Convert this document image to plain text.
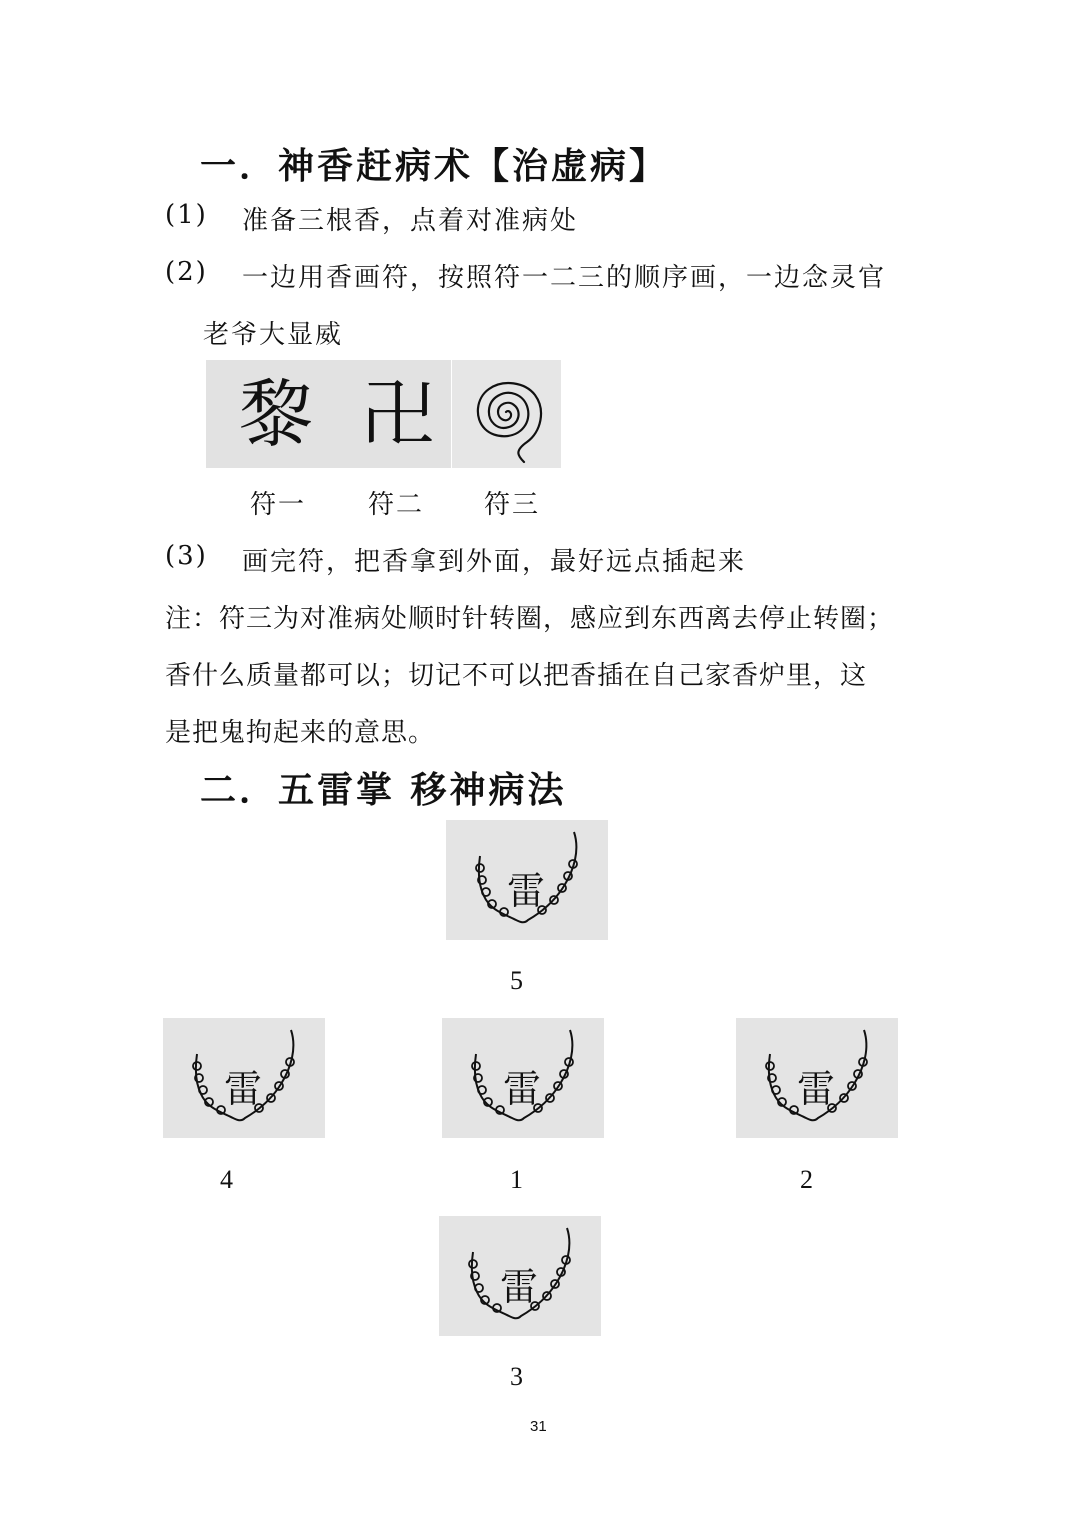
一．神香赶病术【治虚病】
(1) 准备三根香，点着对准病处
(2) 一边用香画符，按照符一二三的顺序画，一边念灵官
老爷大显威
黎 卍
符一 符二 符三
(3) 画完符，把香拿到外面，最好远点插起来
注：符三为对准病处顺时针转圈，感应到东西离去停止转圈；
香什么质量都可以；切记不可以把香插在自己家香炉里，这
是把鬼拘起来的意思。
二．五雷掌 移神病法
雷
5
雷
4
雷
1
雷
2
雷
3
31
